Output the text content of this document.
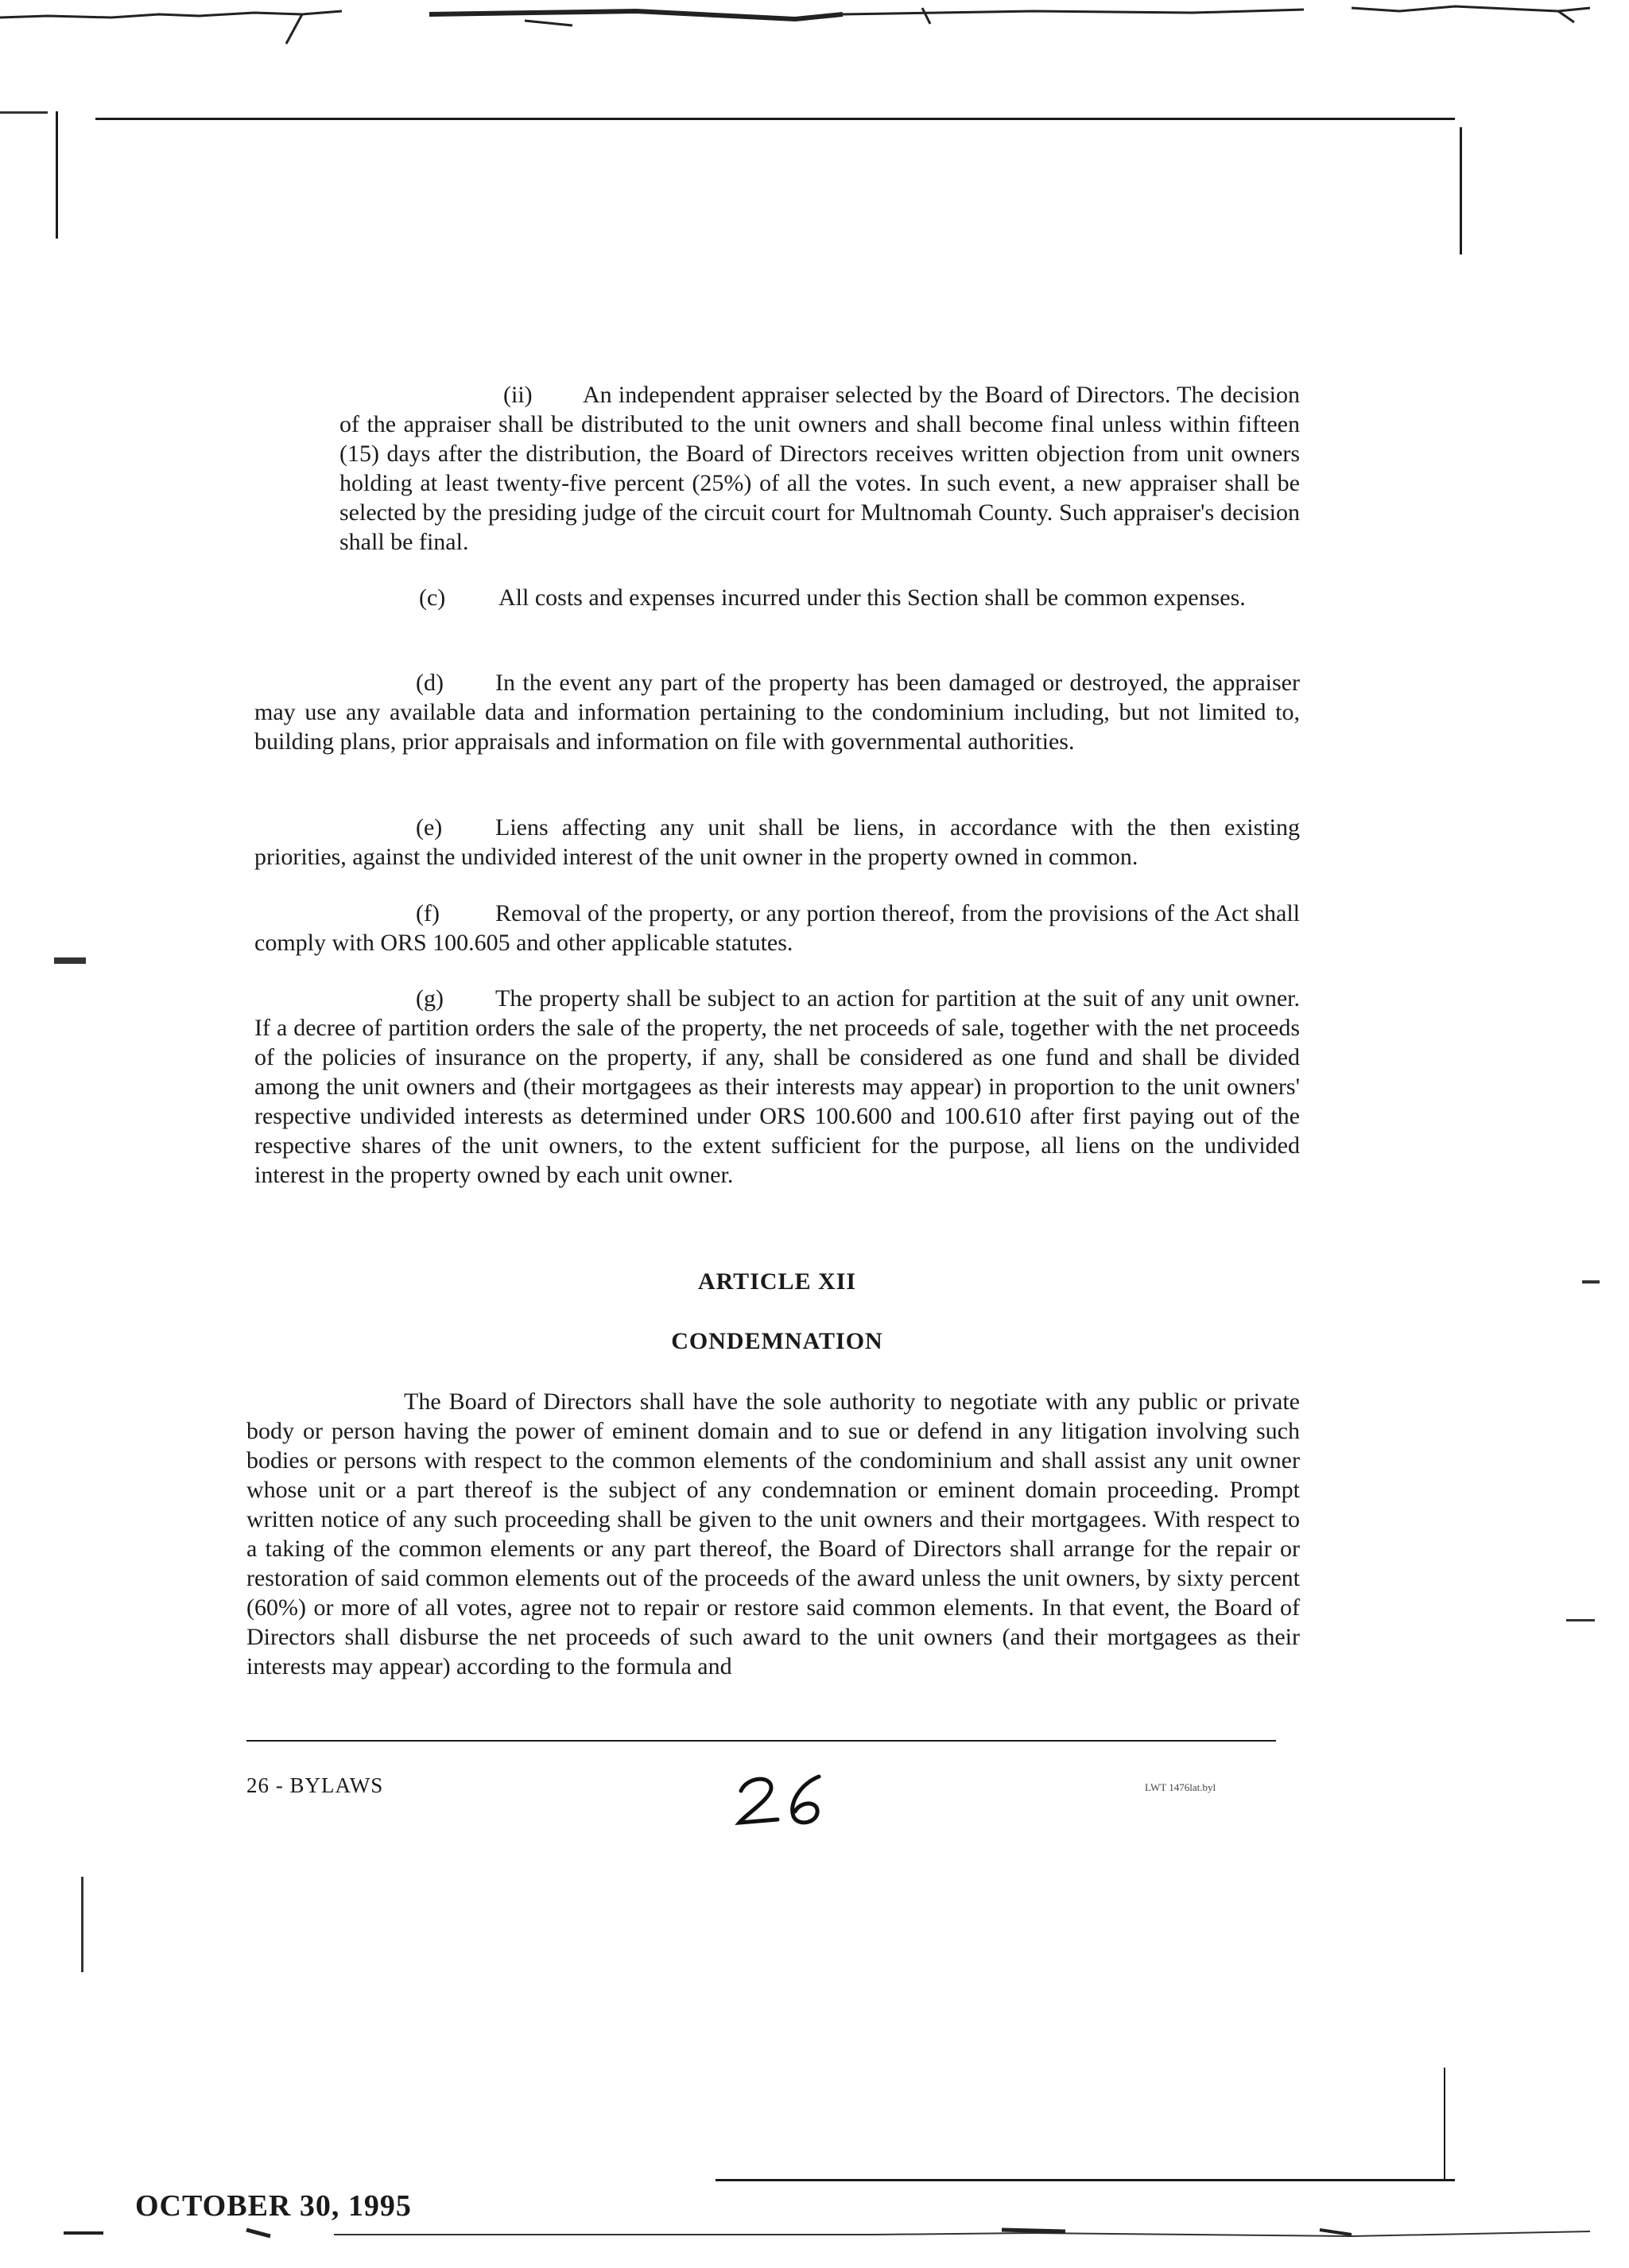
(ii) An independent appraiser selected by the Board of Directors. The decision of the appraiser shall be distributed to the unit owners and shall become final unless within fifteen (15) days after the distribution, the Board of Directors receives written objection from unit owners holding at least twenty-five percent (25%) of all the votes. In such event, a new appraiser shall be selected by the presiding judge of the circuit court for Multnomah County. Such appraiser's decision shall be final.
(c) All costs and expenses incurred under this Section shall be common expenses.
(d) In the event any part of the property has been damaged or destroyed, the appraiser may use any available data and information pertaining to the condominium including, but not limited to, building plans, prior appraisals and information on file with governmental authorities.
(e) Liens affecting any unit shall be liens, in accordance with the then existing priorities, against the undivided interest of the unit owner in the property owned in common.
(f) Removal of the property, or any portion thereof, from the provisions of the Act shall comply with ORS 100.605 and other applicable statutes.
(g) The property shall be subject to an action for partition at the suit of any unit owner. If a decree of partition orders the sale of the property, the net proceeds of sale, together with the net proceeds of the policies of insurance on the property, if any, shall be considered as one fund and shall be divided among the unit owners and (their mortgagees as their interests may appear) in proportion to the unit owners' respective undivided interests as determined under ORS 100.600 and 100.610 after first paying out of the respective shares of the unit owners, to the extent sufficient for the purpose, all liens on the undivided interest in the property owned by each unit owner.
ARTICLE XII
CONDEMNATION
The Board of Directors shall have the sole authority to negotiate with any public or private body or person having the power of eminent domain and to sue or defend in any litigation involving such bodies or persons with respect to the common elements of the condominium and shall assist any unit owner whose unit or a part thereof is the subject of any condemnation or eminent domain proceeding. Prompt written notice of any such proceeding shall be given to the unit owners and their mortgagees. With respect to a taking of the common elements or any part thereof, the Board of Directors shall arrange for the repair or restoration of said common elements out of the proceeds of the award unless the unit owners, by sixty percent (60%) or more of all votes, agree not to repair or restore said common elements. In that event, the Board of Directors shall disburse the net proceeds of such award to the unit owners (and their mortgagees as their interests may appear) according to the formula and
26 - BYLAWS	LWT 1476lat.byl
OCTOBER 30, 1995
